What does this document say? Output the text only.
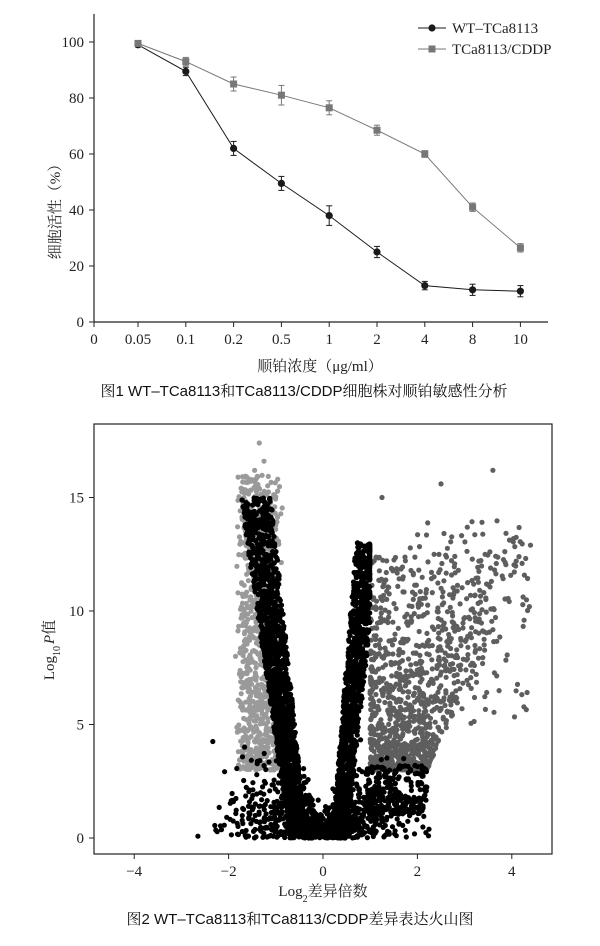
0
20
40
60
80
100
0 0.05 0.1 0.2 0.5 1	2	4	8 10
WT–TCa8113
TCa8113/CDDP
细胞活性（%）
顺铂浓度（μg/ml）
图1 WT–TCa8113和TCa8113/CDDP细胞株对顺铂敏感性分析
0
5
10
15
−4	−2	0	2	4
Log$_{10}$P值
Log$_2$差异倍数
图2 WT–TCa8113和TCa8113/CDDP差异表达火山图
